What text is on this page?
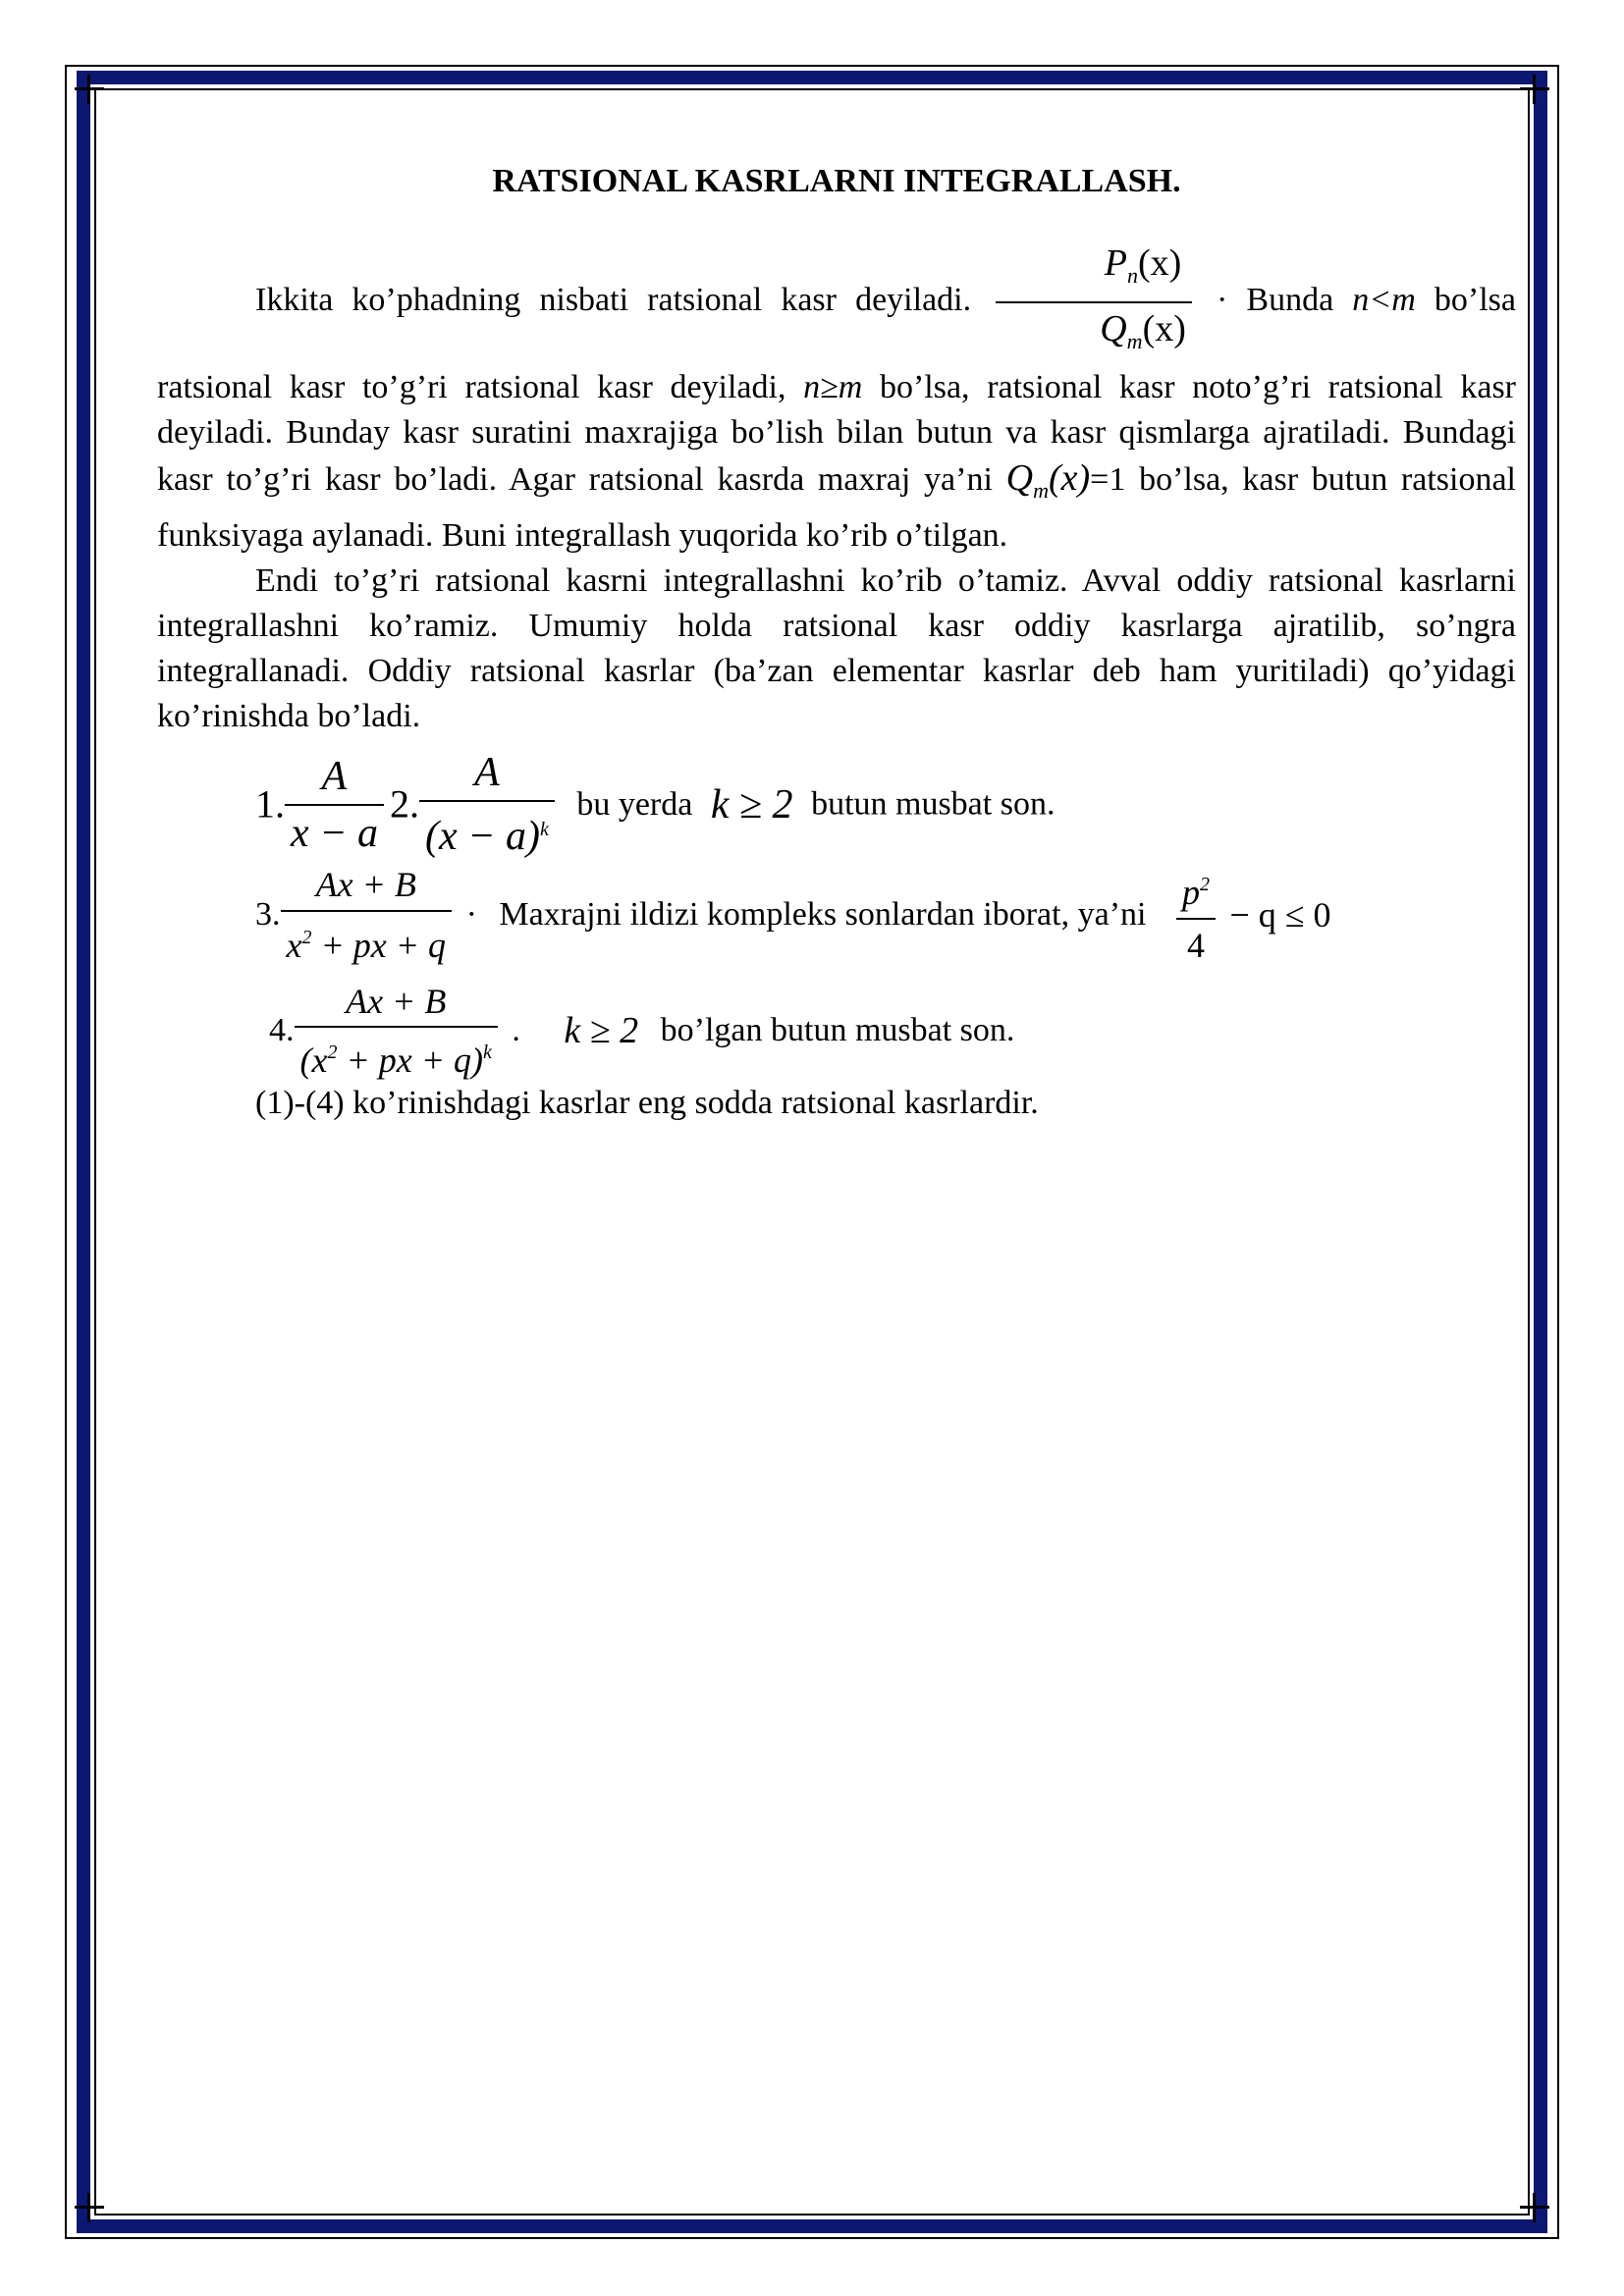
RATSIONAL KASRLARNI INTEGRALLASH.

Ikkita ko’phadning nisbati ratsional kasr deyiladi. $\frac{P_n(x)}{Q_m(x)}$ · Bunda n<m bo’lsa ratsional kasr to’g’ri ratsional kasr deyiladi, n≥m bo’lsa, ratsional kasr noto’g’ri ratsional kasr deyiladi. Bunday kasr suratini maxrajiga bo’lish bilan butun va kasr qismlarga ajratiladi. Bundagi kasr to’g’ri kasr bo’ladi. Agar ratsional kasrda maxraj ya’ni $Q_m(x)=1$ bo’lsa, kasr butun ratsional funksiyaga aylanadi. Buni integrallash yuqorida ko’rib o’tilgan.

Endi to’g’ri ratsional kasrni integrallashni ko’rib o’tamiz. Avval oddiy ratsional kasrlarni integrallashni ko’ramiz. Umumiy holda ratsional kasr oddiy kasrlarga ajratilib, so’ngra integrallanadi. Oddiy ratsional kasrlar (ba’zan elementar kasrlar deb ham yuritiladi) qo’yidagi ko’rinishda bo’ladi.

1. $\frac{A}{x - a} 2$. $\frac{A}{(x - a)^k}$ bu yerda k ≥ 2 butun musbat son.
3. $\frac{Ax + B}{x^2 + px + q}$ · Maxrajni ildizi kompleks sonlardan iborat, ya’ni $\frac{p^2}{4} - q \le 0$
4. $\frac{Ax + B}{(x^2 + px + q)^k}$ . k ≥ 2 bo’lgan butun musbat son.
(1)-(4) ko’rinishdagi kasrlar eng sodda ratsional kasrlardir.
